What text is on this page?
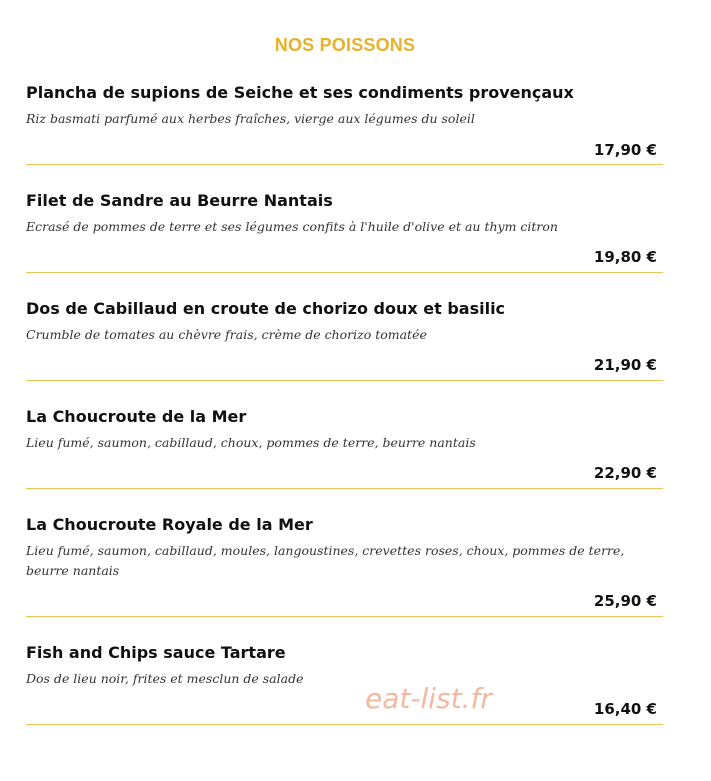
NOS POISSONS
Plancha de supions de Seiche et ses condiments provençaux
Riz basmati parfumé aux herbes fraîches, vierge aux légumes du soleil
17,90 €
Filet de Sandre au Beurre Nantais
Ecrasé de pommes de terre et ses légumes confits à l'huile d'olive et au thym citron
19,80 €
Dos de Cabillaud en croute de chorizo doux et basilic
Crumble de tomates au chèvre frais, crème de chorizo tomatée
21,90 €
La Choucroute de la Mer
Lieu fumé, saumon, cabillaud, choux, pommes de terre, beurre nantais
22,90 €
La Choucroute Royale de la Mer
Lieu fumé, saumon, cabillaud, moules, langoustines, crevettes roses, choux, pommes de terre, beurre nantais
25,90 €
Fish and Chips sauce Tartare
Dos de lieu noir, frites et mesclun de salade
16,40 €
eat-list.fr
